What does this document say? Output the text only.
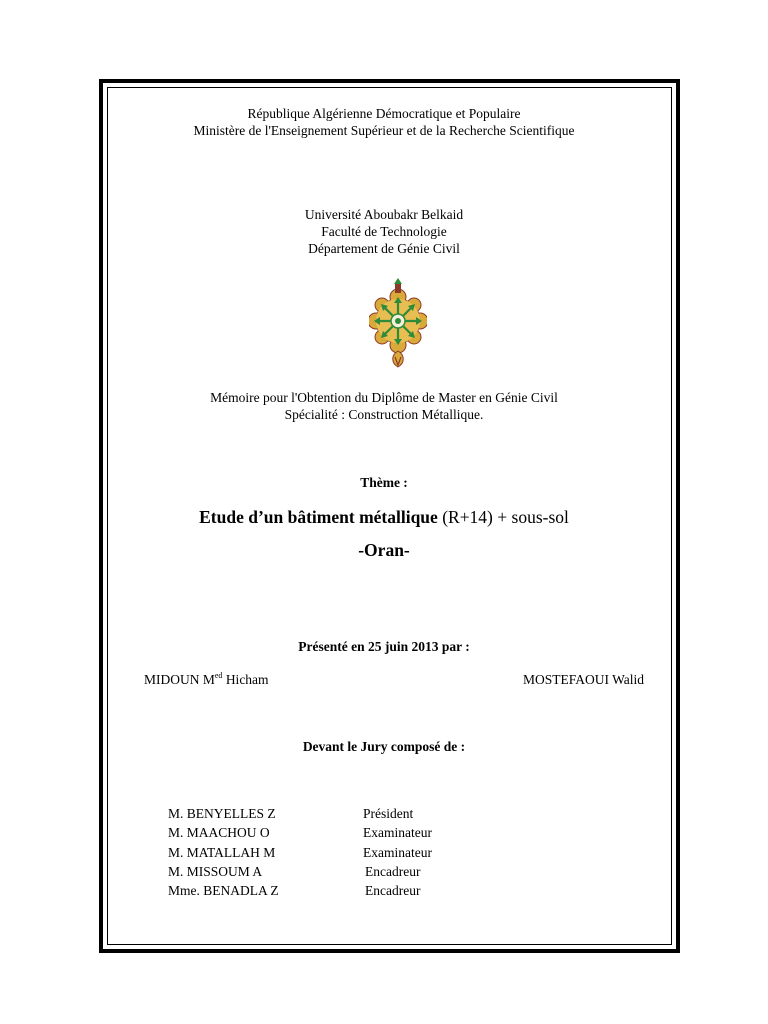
République Algérienne Démocratique et Populaire
Ministère de l'Enseignement Supérieur et de la Recherche Scientifique
Université Aboubakr Belkaid
Faculté de Technologie
Département de Génie Civil
Mémoire pour l'Obtention du Diplôme de Master en Génie Civil
Spécialité : Construction Métallique.
Thème :
Etude d’un bâtiment métallique (R+14) + sous-sol
-Oran-
Présenté en 25 juin 2013 par :
MIDOUN $M^{ed}$ Hicham	MOSTEFAOUI Walid
Devant le Jury composé de :
M. BENYELLES Z	Président
M. MAACHOU O	Examinateur
M. MATALLAH M	Examinateur
M. MISSOUM A	Encadreur
Mme. BENADLA Z	Encadreur
